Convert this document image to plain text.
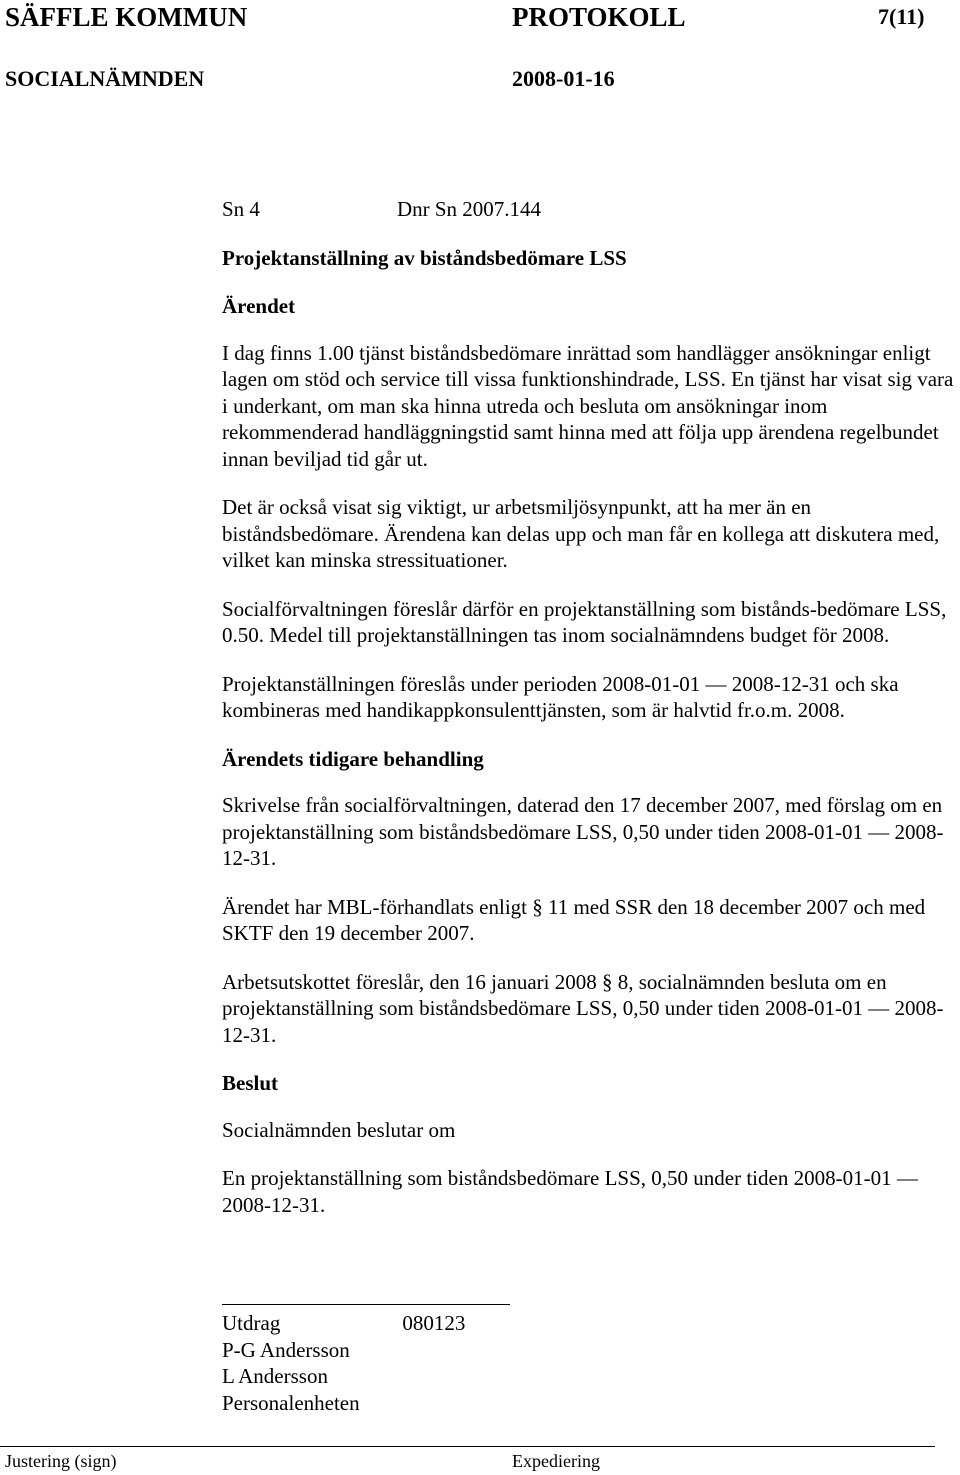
SÄFFLE KOMMUN	PROTOKOLL	7(11)
SOCIALNÄMNDEN	2008-01-16
Sn 4	Dnr Sn 2007.144

Projektanställning av biståndsbedömare LSS

Ärendet

I dag finns 1.00 tjänst biståndsbedömare inrättad som handlägger ansökningar enligt lagen om stöd och service till vissa funktionshindrade, LSS. En tjänst har visat sig vara i underkant, om man ska hinna utreda och besluta om ansökningar inom rekommenderad handläggningstid samt hinna med att följa upp ärendena regelbundet innan beviljad tid går ut.

Det är också visat sig viktigt, ur arbetsmiljösynpunkt, att ha mer än en biståndsbedömare. Ärendena kan delas upp och man får en kollega att diskutera med, vilket kan minska stressituationer.

Socialförvaltningen föreslår därför en projektanställning som bistånds-bedömare LSS, 0.50. Medel till projektanställningen tas inom socialnämndens budget för 2008.

Projektanställningen föreslås under perioden 2008-01-01 — 2008-12-31 och ska kombineras med handikappkonsulenttjänsten, som är halvtid fr.o.m. 2008.

Ärendets tidigare behandling

Skrivelse från socialförvaltningen, daterad den 17 december 2007, med förslag om en projektanställning som biståndsbedömare LSS, 0,50 under tiden 2008-01-01 — 2008-12-31.

Ärendet har MBL-förhandlats enligt § 11 med SSR den 18 december 2007 och med SKTF den 19 december 2007.

Arbetsutskottet föreslår, den 16 januari 2008 § 8, socialnämnden besluta om en projektanställning som biståndsbedömare LSS, 0,50 under tiden 2008-01-01 — 2008-12-31.

Beslut

Socialnämnden beslutar om

En projektanställning som biståndsbedömare LSS, 0,50 under tiden 2008-01-01 — 2008-12-31.

Utdrag	080123
P-G Andersson
L Andersson
Personalenheten
Justering (sign)	Expediering
